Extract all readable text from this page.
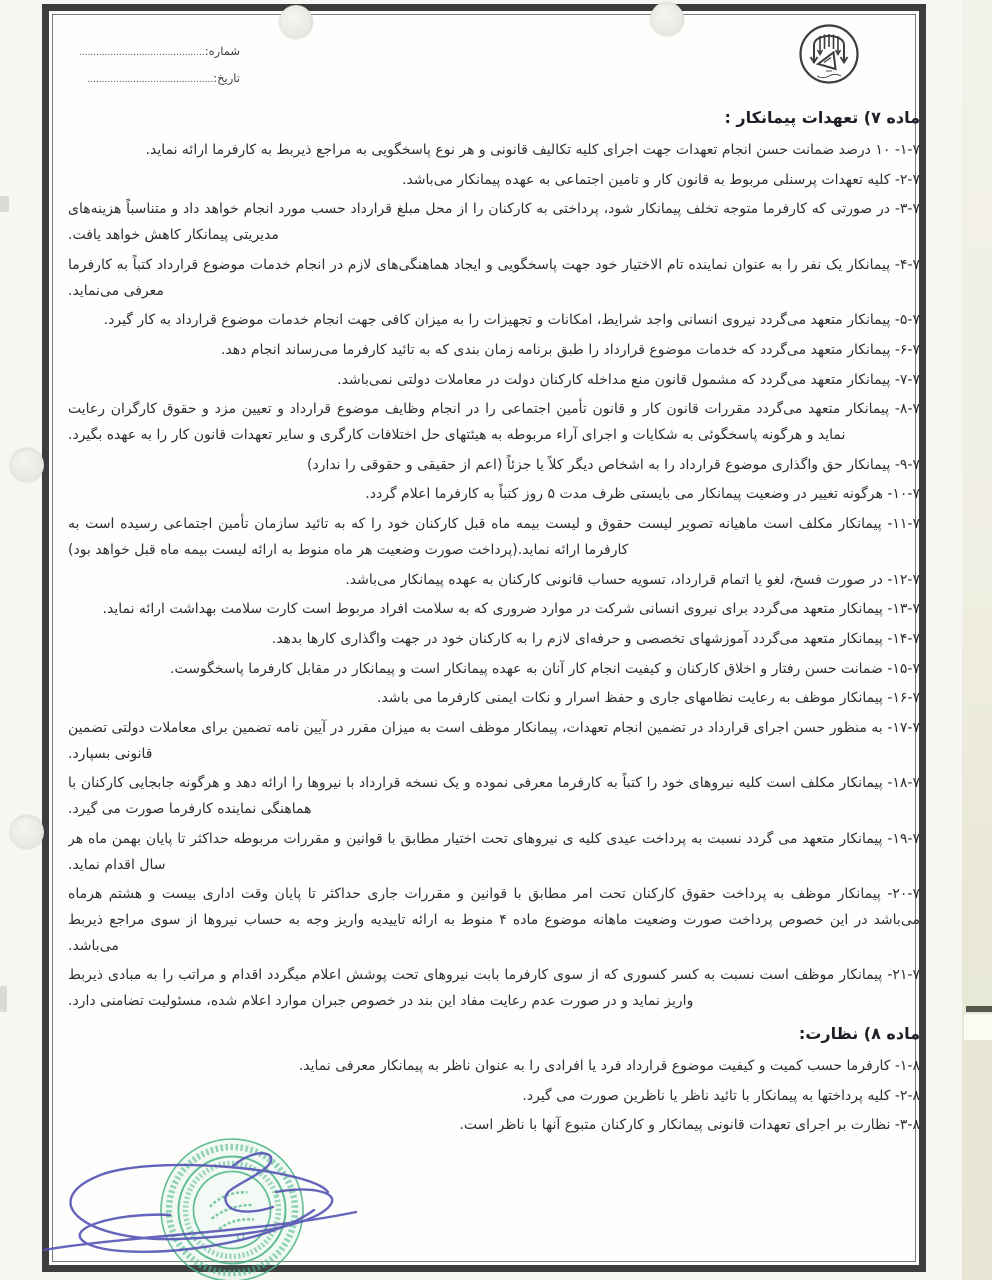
شماره:............................................
تاریخ:............................................
ماده ۷) تعهدات پیمانکار :

۱-۷- ۱۰ درصد ضمانت حسن انجام تعهدات جهت اجرای کلیه تکالیف قانونی و هر نوع پاسخگویی به مراجع ذیربط به کارفرما ارائه نماید.

۲-۷- کلیه تعهدات پرسنلی مربوط به قانون کار و تامین اجتماعی به عهده پیمانکار می‌باشد.

۳-۷- در صورتی که کارفرما متوجه تخلف پیمانکار شود، پرداختی به کارکنان را از محل مبلغ قرارداد حسب مورد انجام خواهد داد و متناسباً هزینه‌های مدیریتی پیمانکار کاهش خواهد یافت.

۴-۷- پیمانکار یک نفر را به عنوان نماینده تام الاختیار خود جهت پاسخگویی و ایجاد هماهنگی‌های لازم در انجام خدمات موضوع قرارداد کتباً به کارفرما معرفی می‌نماید.

۵-۷- پیمانکار متعهد می‌گردد نیروی انسانی واجد شرایط، امکانات و تجهیزات را به میزان کافی جهت انجام خدمات موضوع قرارداد به کار گیرد.

۶-۷- پیمانکار متعهد می‌گردد که خدمات موضوع قرارداد را طبق برنامه زمان بندی که به تائید کارفرما می‌رساند انجام دهد.

۷-۷- پیمانکار متعهد می‌گردد که مشمول قانون منع مداخله کارکنان دولت در معاملات دولتی نمی‌باشد.

۸-۷- پیمانکار متعهد می‌گردد مقررات قانون کار و قانون تأمین اجتماعی را در انجام وظایف موضوع قرارداد و تعیین مزد و حقوق کارگران رعایت نماید و هرگونه پاسخگوئی به شکایات و اجرای آراء مربوطه به هیئتهای حل اختلافات کارگری و سایر تعهدات قانون کار را به عهده بگیرد.

۹-۷- پیمانکار حق واگذاری موضوع قرارداد را به اشخاص دیگر کلاً یا جزئاً (اعم از حقیقی و حقوقی را ندارد)

۱۰-۷- هرگونه تغییر در وضعیت پیمانکار می بایستی ظرف مدت ۵ روز کتباً به کارفرما اعلام گردد.

۱۱-۷- پیمانکار مکلف است ماهیانه تصویر لیست حقوق و لیست بیمه ماه قبل کارکنان خود را که به تائید سازمان تأمین اجتماعی رسیده است به کارفرما ارائه نماید.(پرداخت صورت وضعیت هر ماه منوط به ارائه لیست بیمه ماه قبل خواهد بود)

۱۲-۷- در صورت فسخ، لغو یا اتمام قرارداد، تسویه حساب قانونی کارکنان به عهده پیمانکار می‌باشد.

۱۳-۷- پیمانکار متعهد می‌گردد برای نیروی انسانی شرکت در موارد ضروری که به سلامت افراد مربوط است کارت سلامت بهداشت ارائه نماید.

۱۴-۷- پیمانکار متعهد می‌گردد آموزشهای تخصصی و حرفه‌ای لازم را به کارکنان خود در جهت واگذاری کارها بدهد.

۱۵-۷- ضمانت حسن رفتار و اخلاق کارکنان و کیفیت انجام کار آنان به عهده پیمانکار است و پیمانکار در مقابل کارفرما پاسخگوست.

۱۶-۷- پیمانکار موظف به رعایت نظامهای جاری و حفظ اسرار و نکات ایمنی کارفرما می باشد.

۱۷-۷- به منظور حسن اجرای قرارداد در تضمین انجام تعهدات، پیمانکار موظف است به میزان مقرر در آیین نامه تضمین برای معاملات دولتی تضمین قانونی بسپارد.

۱۸-۷- پیمانکار مکلف است کلیه نیروهای خود را کتباً به کارفرما معرفی نموده و یک نسخه قرارداد با نیروها را ارائه دهد و هرگونه جابجایی کارکنان با هماهنگی نماینده کارفرما صورت می گیرد.

۱۹-۷- پیمانکار متعهد می گردد نسبت به پرداخت عیدی کلیه ی نیروهای تحت اختیار مطابق با قوانین و مقررات مربوطه حداکثر تا پایان بهمن ماه هر سال اقدام نماید.

۲۰-۷- پیمانکار موظف به پرداخت حقوق کارکنان تحت امر مطابق با قوانین و مقررات جاری حداکثر تا پایان وقت اداری بیست و هشتم هرماه می‌باشد در این خصوص پرداخت صورت وضعیت ماهانه موضوع ماده ۴ منوط به ارائه تاییدیه واریز وجه به حساب نیروها از سوی مراجع ذیربط می‌باشد.

۲۱-۷- پیمانکار موظف است نسبت به کسر کسوری که از سوی کارفرما بابت نیروهای تحت پوشش اعلام میگردد اقدام و مراتب را به مبادی ذیربط واریز نماید و در صورت عدم رعایت مفاد این بند در خصوص جبران موارد اعلام شده، مسئولیت تضامنی دارد.

ماده ۸) نظارت:

۱-۸- کارفرما حسب کمیت و کیفیت موضوع قرارداد فرد یا افرادی را به عنوان ناظر به پیمانکار معرفی نماید.

۲-۸- کلیه پرداختها به پیمانکار با تائید ناظر یا ناظرین صورت می گیرد.

۳-۸- نظارت بر اجرای تعهدات قانونی پیمانکار و کارکنان متبوع آنها با ناظر است.
